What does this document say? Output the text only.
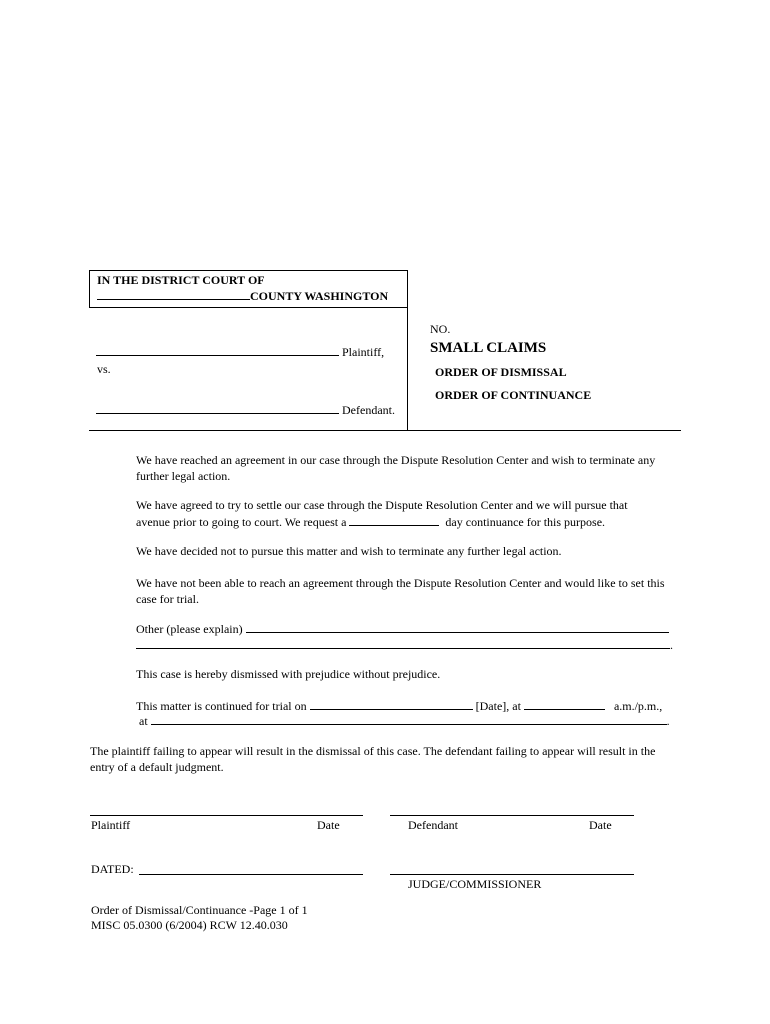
IN THE DISTRICT COURT OF
COUNTY WASHINGTON
Plaintiff,
vs.
Defendant.
NO.
SMALL CLAIMS
ORDER OF DISMISSAL
ORDER OF CONTINUANCE
We have reached an agreement in our case through the Dispute Resolution Center and wish to terminate any further legal action.
We have agreed to try to settle our case through the Dispute Resolution Center and we will pursue that
avenue prior to going to court. We request a	day continuance for this purpose.
We have decided not to pursue this matter and wish to terminate any further legal action.
We have not been able to reach an agreement through the Dispute Resolution Center and would like to set this case for trial.
Other (please explain)
.
This case is hereby dismissed with prejudice without prejudice.
This matter is continued for trial on	[Date], at	a.m./p.m.,
at	.
The plaintiff failing to appear will result in the dismissal of this case. The defendant failing to appear will result in the entry of a default judgment.
Plaintiff	Date	Defendant	Date
DATED:
JUDGE/COMMISSIONER
Order of Dismissal/Continuance -Page 1 of 1
MISC 05.0300 (6/2004) RCW 12.40.030
